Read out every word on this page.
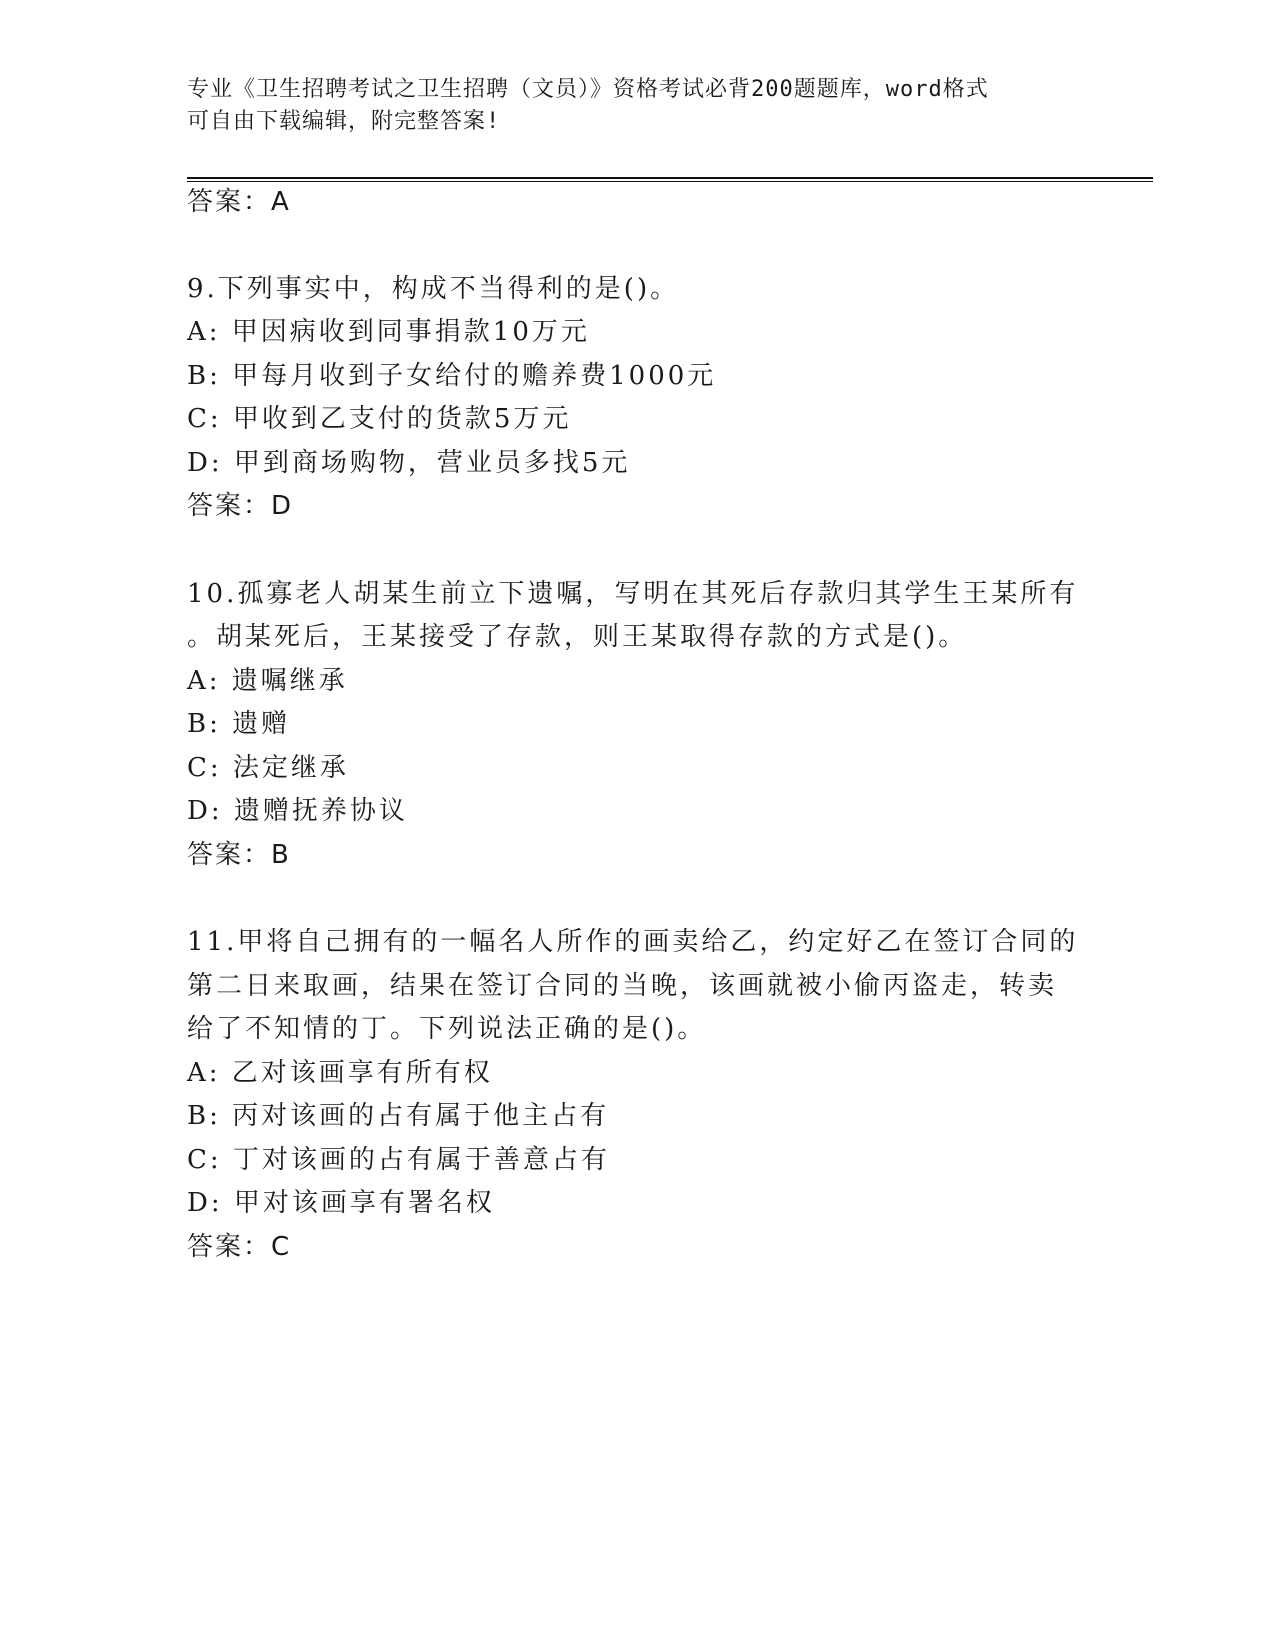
专业《卫生招聘考试之卫生招聘（文员）》资格考试必背200题题库，word格式
可自由下载编辑，附完整答案!
答案：A
9.下列事实中，构成不当得利的是()。
A: 甲因病收到同事捐款10万元
B: 甲每月收到子女给付的赡养费1000元
C: 甲收到乙支付的货款5万元
D: 甲到商场购物，营业员多找5元
答案：D
10.孤寡老人胡某生前立下遗嘱，写明在其死后存款归其学生王某所有
。胡某死后，王某接受了存款，则王某取得存款的方式是()。
A: 遗嘱继承
B: 遗赠
C: 法定继承
D: 遗赠抚养协议
答案：B
11.甲将自己拥有的一幅名人所作的画卖给乙，约定好乙在签订合同的
第二日来取画，结果在签订合同的当晚，该画就被小偷丙盗走，转卖
给了不知情的丁。下列说法正确的是()。
A: 乙对该画享有所有权
B: 丙对该画的占有属于他主占有
C: 丁对该画的占有属于善意占有
D: 甲对该画享有署名权
答案：C
